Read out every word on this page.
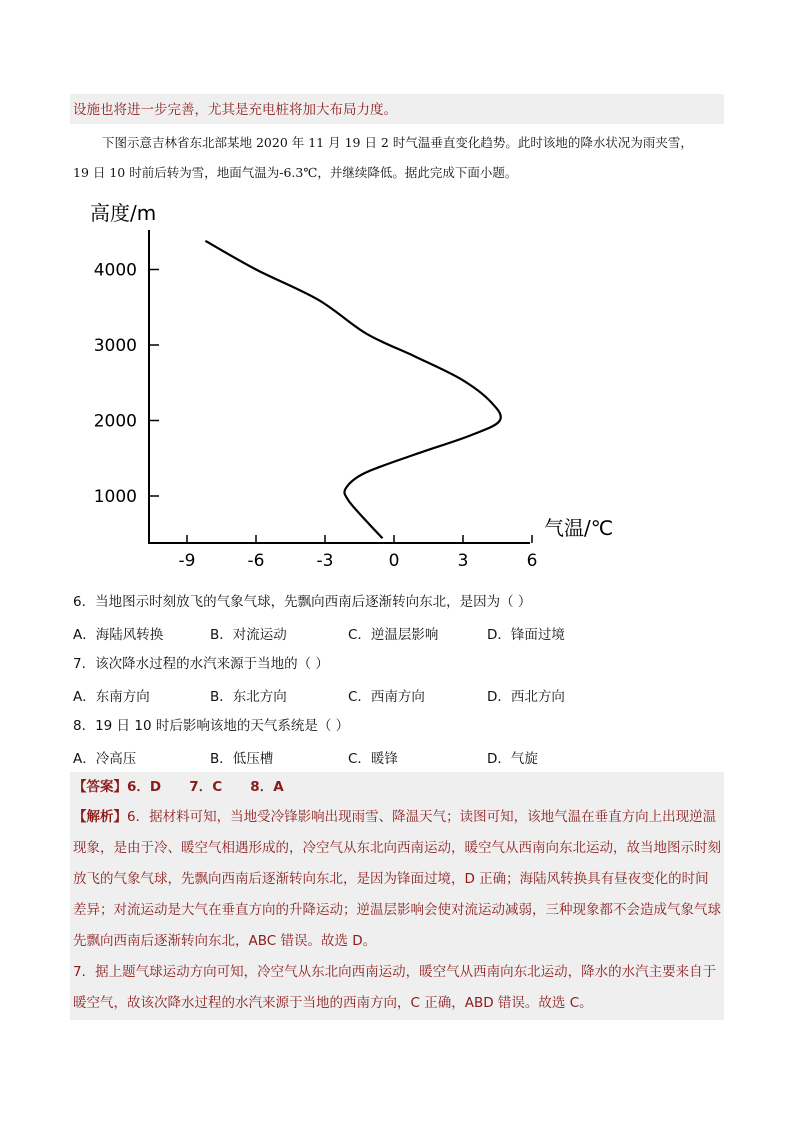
设施也将进一步完善，尤其是充电桩将加大布局力度。
下图示意吉林省东北部某地 2020 年 11 月 19 日 2 时气温垂直变化趋势。此时该地的降水状况为雨夹雪，
19 日 10 时前后转为雪，地面气温为-6.3℃，并继续降低。据此完成下面小题。
高度/m
气温/℃
-9	-6	-3	0	3	6
1000
2000
3000
4000
6．当地图示时刻放飞的气象气球，先飘向西南后逐渐转向东北，是因为（ ）
A．海陆风转换	B．对流运动	C．逆温层影响	D．锋面过境
7．该次降水过程的水汽来源于当地的（ ）
A．东南方向	B．东北方向	C．西南方向	D．西北方向
8．19 日 10 时后影响该地的天气系统是（ ）
A．冷高压	B．低压槽	C．暖锋	D．气旋
【答案】6．D      7．C      8．A
【解析】6．据材料可知，当地受冷锋影响出现雨雪、降温天气；读图可知，该地气温在垂直方向上出现逆温现象，是由于冷、暖空气相遇形成的，冷空气从东北向西南运动，暖空气从西南向东北运动，故当地图示时刻放飞的气象气球，先飘向西南后逐渐转向东北，是因为锋面过境，D 正确；海陆风转换具有昼夜变化的时间差异；对流运动是大气在垂直方向的升降运动；逆温层影响会使对流运动减弱，三种现象都不会造成气象气球先飘向西南后逐渐转向东北，ABC 错误。故选 D。
7．据上题气球运动方向可知，冷空气从东北向西南运动，暖空气从西南向东北运动，降水的水汽主要来自于暖空气，故该次降水过程的水汽来源于当地的西南方向，C 正确，ABD 错误。故选 C。
